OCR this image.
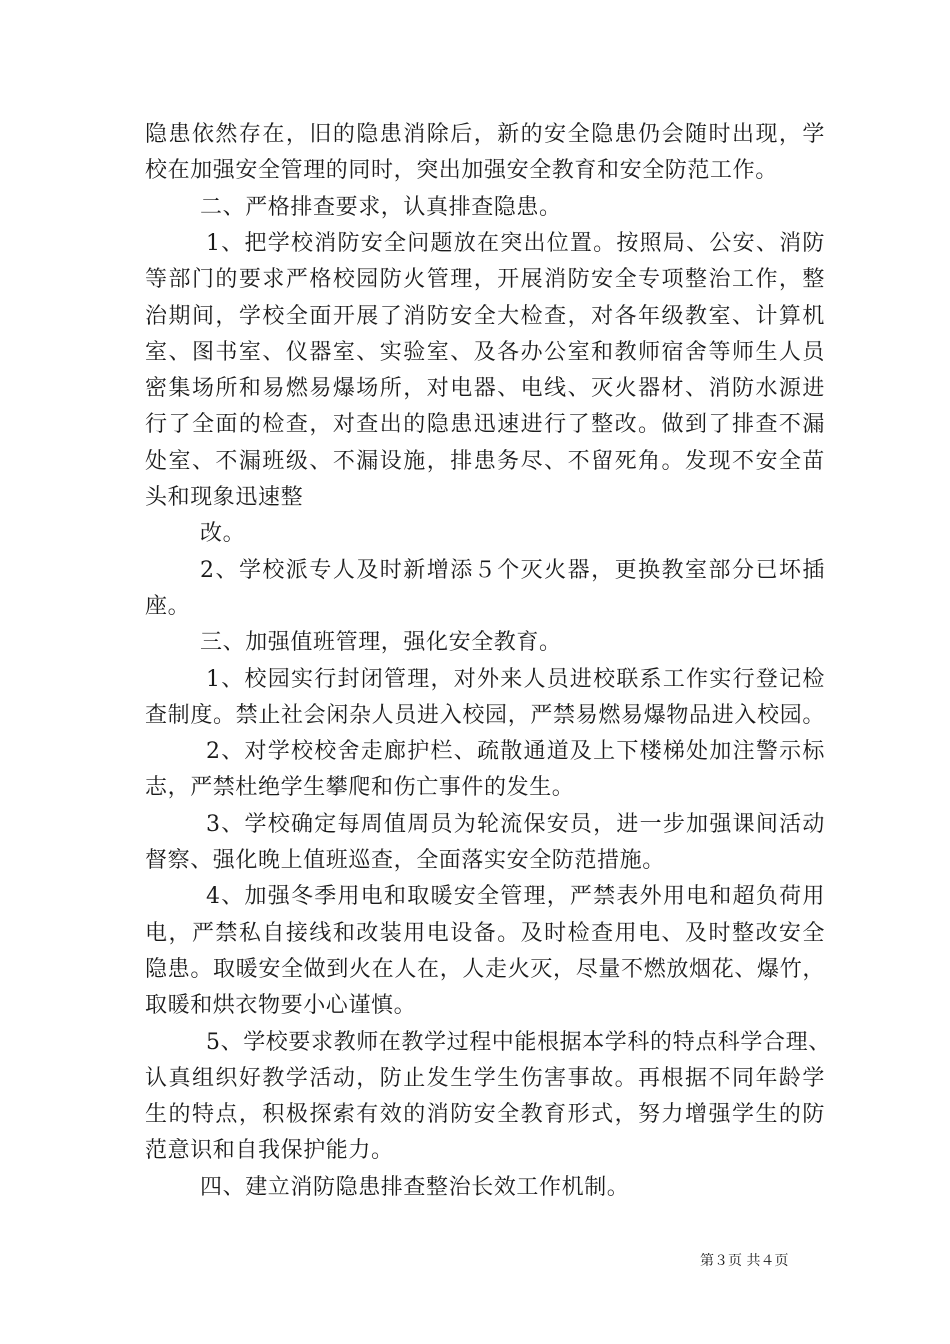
隐患依然存在，旧的隐患消除后，新的安全隐患仍会随时出现，学
校在加强安全管理的同时，突出加强安全教育和安全防范工作。
二、严格排查要求，认真排查隐患。
1、把学校消防安全问题放在突出位置。按照局、公安、消防
等部门的要求严格校园防火管理，开展消防安全专项整治工作，整
治期间，学校全面开展了消防安全大检查，对各年级教室、计算机
室、图书室、仪器室、实验室、及各办公室和教师宿舍等师生人员
密集场所和易燃易爆场所，对电器、电线、灭火器材、消防水源进
行了全面的检查，对查出的隐患迅速进行了整改。做到了排查不漏
处室、不漏班级、不漏设施，排患务尽、不留死角。发现不安全苗
头和现象迅速整
改。
2、学校派专人及时新增添５个灭火器，更换教室部分已坏插
座。
三、加强值班管理，强化安全教育。
1、校园实行封闭管理，对外来人员进校联系工作实行登记检
查制度。禁止社会闲杂人员进入校园，严禁易燃易爆物品进入校园。
2、对学校校舍走廊护栏、疏散通道及上下楼梯处加注警示标
志，严禁杜绝学生攀爬和伤亡事件的发生。
3、学校确定每周值周员为轮流保安员，进一步加强课间活动
督察、强化晚上值班巡查，全面落实安全防范措施。
4、加强冬季用电和取暖安全管理，严禁表外用电和超负荷用
电，严禁私自接线和改装用电设备。及时检查用电、及时整改安全
隐患。取暖安全做到火在人在，人走火灭，尽量不燃放烟花、爆竹，
取暖和烘衣物要小心谨慎。
5、学校要求教师在教学过程中能根据本学科的特点科学合理、
认真组织好教学活动，防止发生学生伤害事故。再根据不同年龄学
生的特点，积极探索有效的消防安全教育形式，努力增强学生的防
范意识和自我保护能力。
四、建立消防隐患排查整治长效工作机制。
第３页 共４页
